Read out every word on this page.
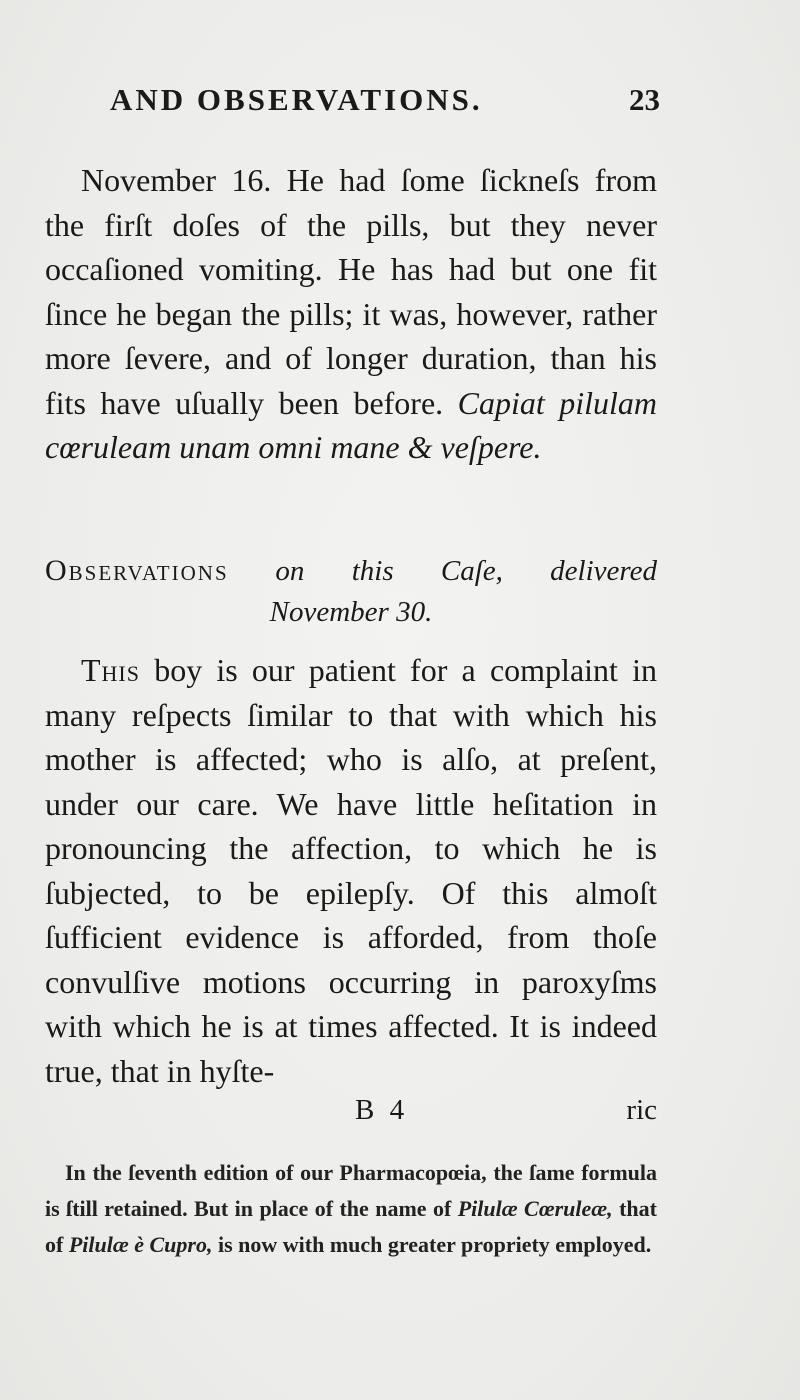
AND OBSERVATIONS.	23
November 16. He had ſome ſickneſs from the firſt doſes of the pills, but they never occaſioned vomiting. He has had but one fit ſince he began the pills; it was, however, rather more ſevere, and of longer duration, than his fits have uſually been before. Capiat pilulam cœruleam unam omni mane & veſpere.
Observations on this Caſe, delivered
November 30.
This boy is our patient for a complaint in many reſpects ſimilar to that with which his mother is affected; who is alſo, at preſent, under our care. We have little heſitation in pronouncing the affection, to which he is ſubjected, to be epilepſy. Of this almoſt ſufficient evidence is afforded, from thoſe convulſive motions occurring in paroxyſms with which he is at times affected. It is indeed true, that in hyſte-
B 4	ric
In the ſeventh edition of our Pharmacopœia, the ſame formula is ſtill retained. But in place of the name of Pilulæ Cœruleæ, that of Pilulæ è Cupro, is now with much greater propriety employed.
